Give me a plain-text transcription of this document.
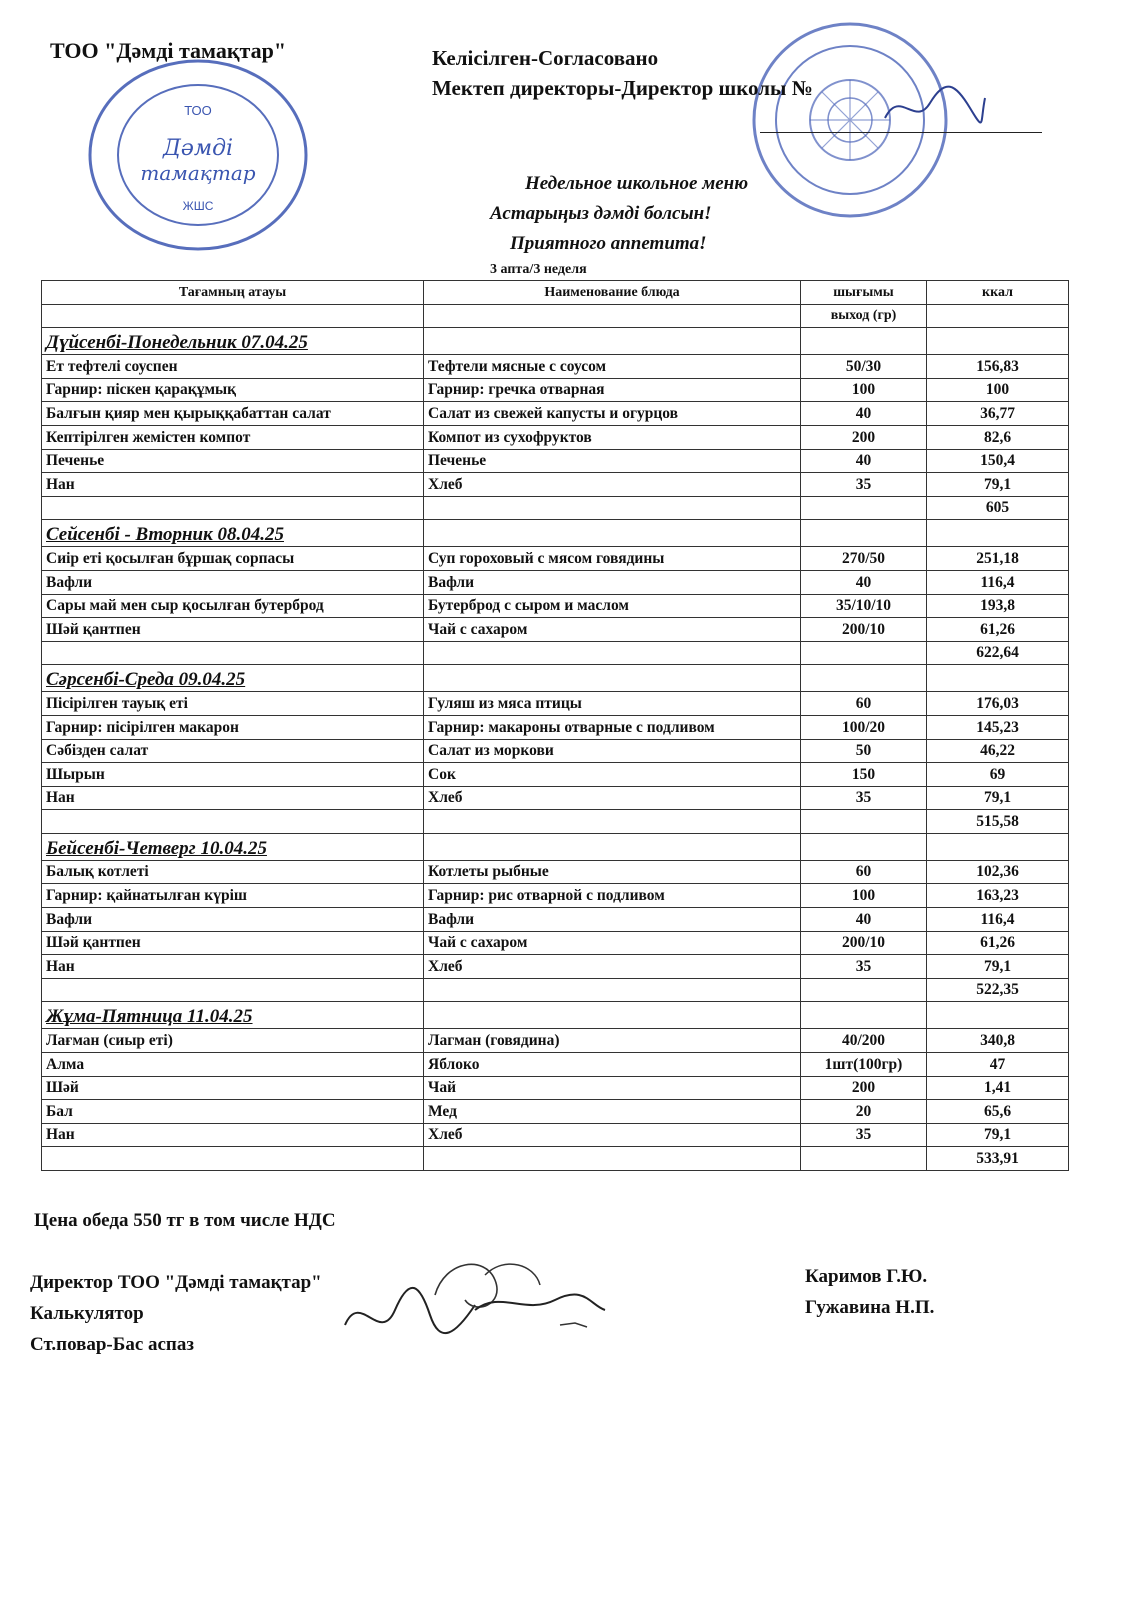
ТОО
Дәмді
тамақтар
ЖШС
ТОО "Дәмді тамақтар"	Келісілген-Согласовано
Мектеп директоры-Директор школы №
Недельное школьное меню
Астарыңыз дәмді болсын!
Приятного аппетита!
3 апта/3 неделя
Тағамның атауы	Наименование блюда	шығымы	ккал
		выход (гр)	
Дүйсенбі-Понедельник 07.04.25			
Ет тефтелі соуспен	Тефтели мясные с соусом	50/30	156,83
Гарнир: піскен қарақұмық	Гарнир: гречка отварная	100	100
Балғын қияр мен қырыққабаттан салат	Салат из свежей капусты и огурцов	40	36,77
Кептірілген жемістен компот	Компот из сухофруктов	200	82,6
Печенье	Печенье	40	150,4
Нан	Хлеб	35	79,1
			605
Сейсенбі - Вторник 08.04.25			
Сиір еті қосылған бұршақ сорпасы	Суп гороховый с мясом говядины	270/50	251,18
Вафли	Вафли	40	116,4
Сары май мен сыр қосылған бутерброд	Бутерброд с сыром и маслом	35/10/10	193,8
Шәй қантпен	Чай с сахаром	200/10	61,26
			622,64
Сәрсенбі-Среда 09.04.25			
Пісірілген тауық еті	Гуляш из мяса птицы	60	176,03
Гарнир: пісірілген макарон	Гарнир: макароны отварные с подливом	100/20	145,23
Сәбізден салат	Салат из моркови	50	46,22
Шырын	Сок	150	69
Нан	Хлеб	35	79,1
			515,58
Бейсенбі-Четверг 10.04.25			
Балық котлеті	Котлеты рыбные	60	102,36
Гарнир: қайнатылған күріш	Гарнир: рис отварной с подливом	100	163,23
Вафли	Вафли	40	116,4
Шәй қантпен	Чай с сахаром	200/10	61,26
Нан	Хлеб	35	79,1
			522,35
Жұма-Пятница 11.04.25			
Лағман (сиыр еті)	Лагман (говядина)	40/200	340,8
Алма	Яблоко	1шт(100гр)	47
Шәй	Чай	200	1,41
Бал	Мед	20	65,6
Нан	Хлеб	35	79,1
			533,91
Цена обеда 550 тг в том числе НДС
Директор ТОО "Дәмді тамақтар"
Калькулятор
Ст.повар-Бас аспаз
Каримов Г.Ю.
Гужавина Н.П.
